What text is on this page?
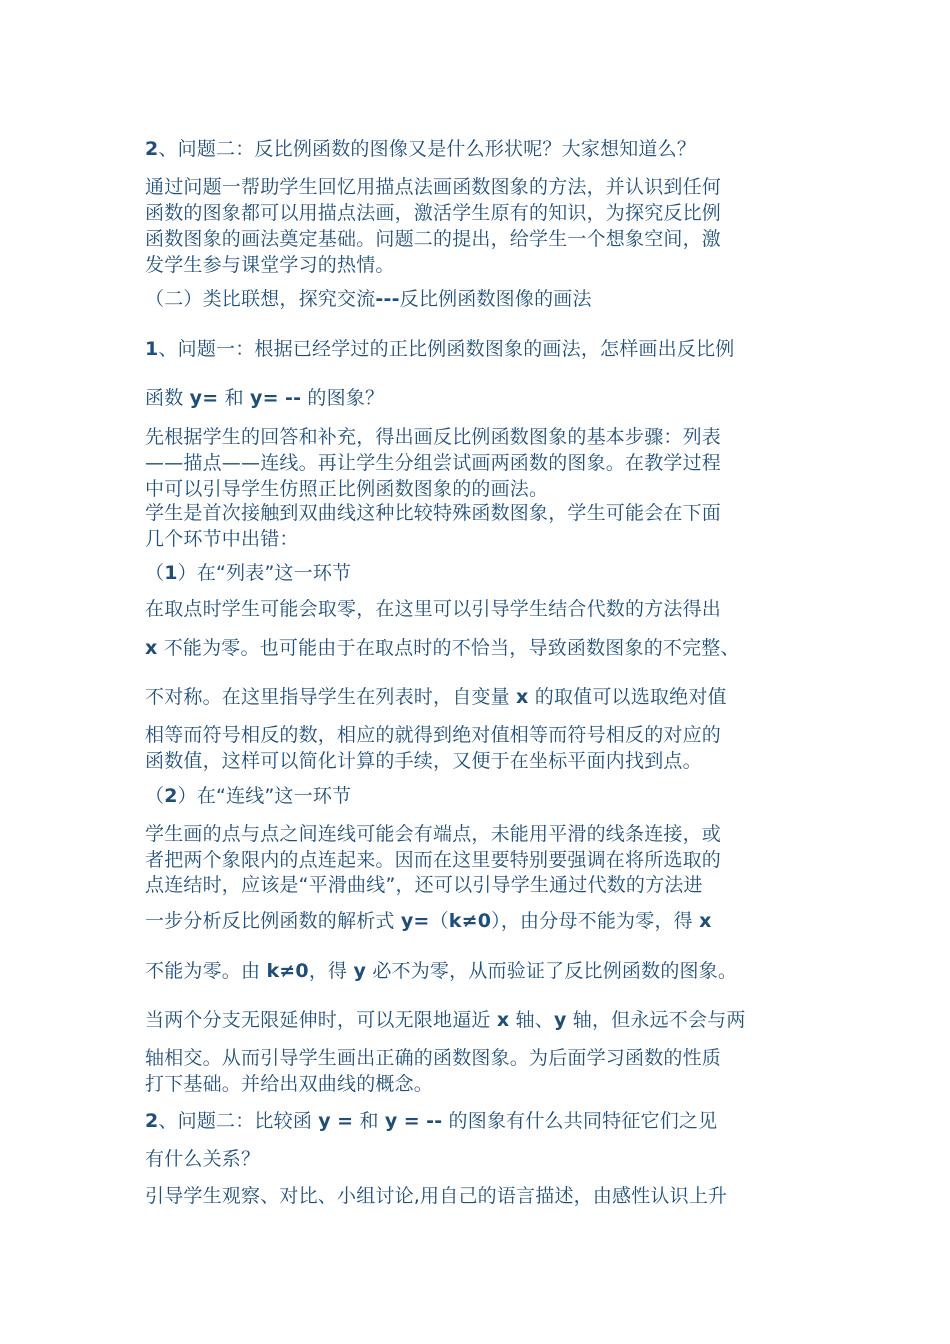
2、问题二：反比例函数的图像又是什么形状呢？大家想知道么？
通过问题一帮助学生回忆用描点法画函数图象的方法，并认识到任何
函数的图象都可以用描点法画，激活学生原有的知识，为探究反比例
函数图象的画法奠定基础。问题二的提出，给学生一个想象空间，激
发学生参与课堂学习的热情。
（二）类比联想，探究交流---反比例函数图像的画法
1、问题一：根据已经学过的正比例函数图象的画法，怎样画出反比例
函数 y= 和 y= -- 的图象？
先根据学生的回答和补充，得出画反比例函数图象的基本步骤：列表
——描点——连线。再让学生分组尝试画两函数的图象。在教学过程
中可以引导学生仿照正比例函数图象的的画法。
学生是首次接触到双曲线这种比较特殊函数图象，学生可能会在下面
几个环节中出错：
（1）在“列表”这一环节
在取点时学生可能会取零，在这里可以引导学生结合代数的方法得出
x 不能为零。也可能由于在取点时的不恰当，导致函数图象的不完整、
不对称。在这里指导学生在列表时，自变量 x 的取值可以选取绝对值
相等而符号相反的数，相应的就得到绝对值相等而符号相反的对应的
函数值，这样可以简化计算的手续，又便于在坐标平面内找到点。
（2）在“连线”这一环节
学生画的点与点之间连线可能会有端点，未能用平滑的线条连接，或
者把两个象限内的点连起来。因而在这里要特别要强调在将所选取的
点连结时，应该是“平滑曲线”，还可以引导学生通过代数的方法进
一步分析反比例函数的解析式 y=（k≠0），由分母不能为零，得 x
不能为零。由 k≠0，得 y 必不为零，从而验证了反比例函数的图象。
当两个分支无限延伸时，可以无限地逼近 x 轴、y 轴，但永远不会与两
轴相交。从而引导学生画出正确的函数图象。为后面学习函数的性质
打下基础。并给出双曲线的概念。
2、问题二：比较函 y = 和 y = -- 的图象有什么共同特征它们之见
有什么关系？
引导学生观察、对比、小组讨论,用自己的语言描述，由感性认识上升
